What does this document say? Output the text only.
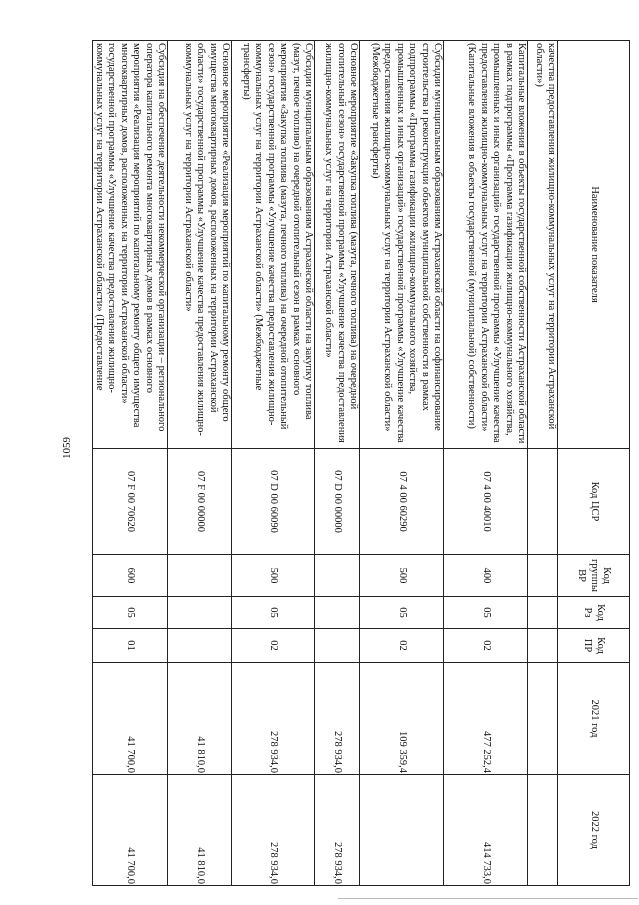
1059
Наименование показателя	Код ЦСР	Код группы ВР	Код Рз	Код ПР	2021 год	2022 год
качества предоставления жилищно-коммунальных услуг на территории Астраханской области»)						
Капитальные вложения в объекты государственной собственности Астраханской области в рамках подпрограммы «Программа газификации жилищно-коммунального хозяйства, промышленных и иных организаций» государственной программы «Улучшение качества предоставления жилищно-коммунальных услуг на территории Астраханской области» (Капитальные вложения в объекты государственной (муниципальной) собственности)	07 4 00 40010	400	05	02	477 252,4	414 733,0
Субсидии муниципальным образованиям Астраханской области на софинансирование строительства и реконструкции объектов муниципальной собственности в рамках подпрограммы «Программа газификации жилищно-коммунального хозяйства, промышленных и иных организаций» государственной программы «Улучшение качества предоставления жилищно-коммунальных услуг на территории Астраханской области» (Межбюджетные трансферты)	07 4 00 60290	500	05	02	109 359,4	
Основное мероприятие «Закупка топлива (мазута, печного топлива) на очередной отопительный сезон» государственной программы «Улучшение качества предоставления жилищно-коммунальных услуг на территории Астраханской области»	07 D 00 00000				278 934,0	278 934,0
Субсидии муниципальным образованиям Астраханской области на закупку топлива (мазут, печное топливо) на очередной отопительный сезон в рамках основного мероприятия «Закупка топлива (мазута, печного топлива) на очередной отопительный сезон» государственной программы «Улучшение качества предоставления жилищно-коммунальных услуг на территории Астраханской области» (Межбюджетные трансферты)	07 D 00 60090	500	05	02	278 934,0	278 934,0
Основное мероприятие «Реализация мероприятий по капитальному ремонту общего имущества многоквартирных домов, расположенных на территории Астраханской области» государственной программы «Улучшение качества предоставления жилищно-коммунальных услуг на территории Астраханской области»	07 F 00 00000				41 810,0	41 810,0
Субсидия на обеспечение деятельности некоммерческой организации – регионального оператора капитального ремонта многоквартирных домов в рамках основного мероприятия «Реализация мероприятий по капитальному ремонту общего имущества многоквартирных домов, расположенных на территории Астраханской области» государственной программы «Улучшение качества предоставления жилищно-коммунальных услуг на территории Астраханской области» (Предоставление	07 F 00 70620	600	05	01	41 700,0	41 700,0
